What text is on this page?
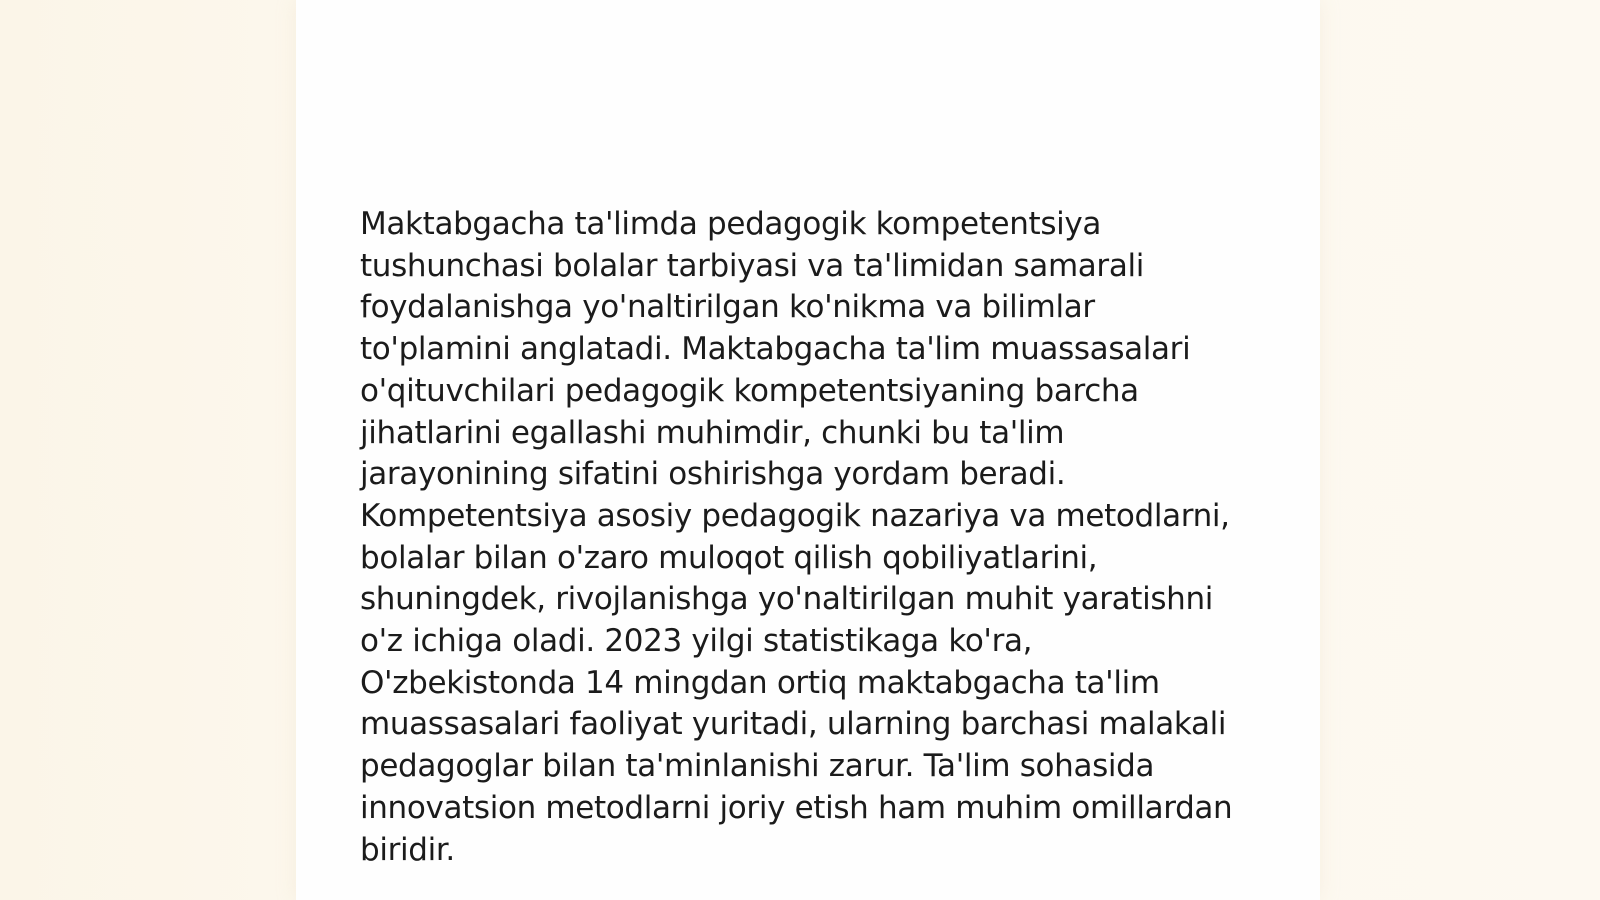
Maktabgacha ta'limda pedagogik kompetentsiya tushunchasi bolalar tarbiyasi va ta'limidan samarali foydalanishga yo'naltirilgan ko'nikma va bilimlar to'plamini anglatadi. Maktabgacha ta'lim muassasalari o'qituvchilari pedagogik kompetentsiyaning barcha jihatlarini egallashi muhimdir, chunki bu ta'lim jarayonining sifatini oshirishga yordam beradi. Kompetentsiya asosiy pedagogik nazariya va metodlarni, bolalar bilan o'zaro muloqot qilish qobiliyatlarini, shuningdek, rivojlanishga yo'naltirilgan muhit yaratishni o'z ichiga oladi. 2023 yilgi statistikaga ko'ra, O'zbekistonda 14 mingdan ortiq maktabgacha ta'lim muassasalari faoliyat yuritadi, ularning barchasi malakali pedagoglar bilan ta'minlanishi zarur. Ta'lim sohasida innovatsion metodlarni joriy etish ham muhim omillardan biridir.
